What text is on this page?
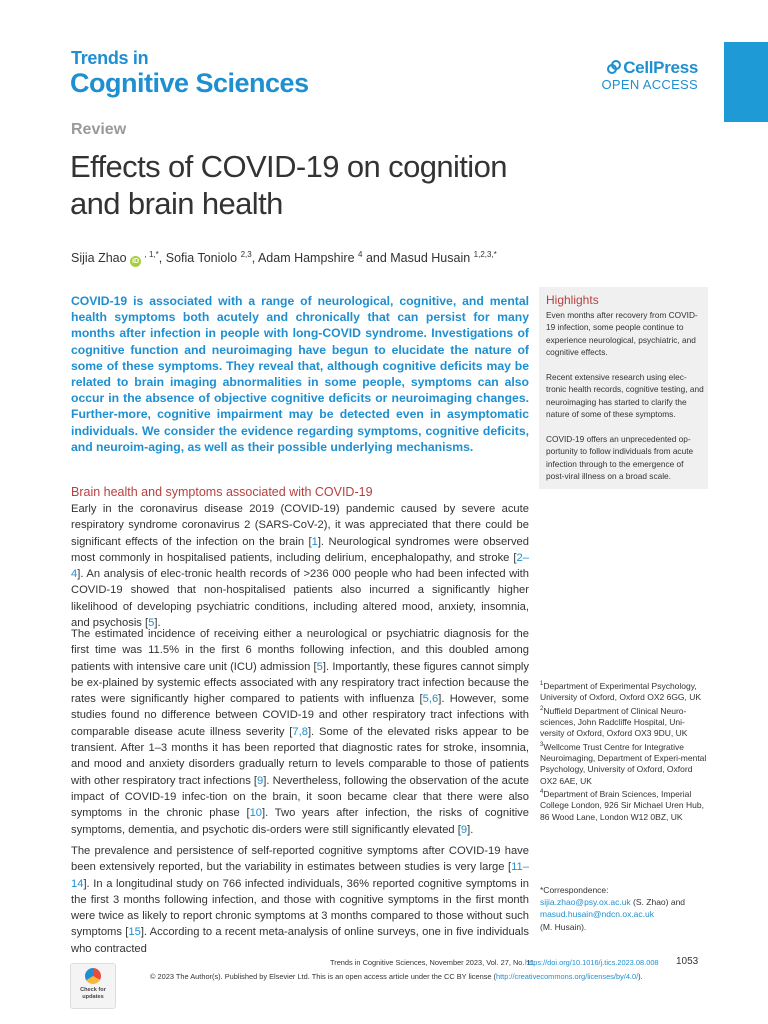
Trends in
Cognitive Sciences
CellPress
OPEN ACCESS
Review
Effects of COVID-19 on cognition and brain health
Sijia Zhao iD $^{, 1,*}$, Sofia Toniolo $^{2,3}$, Adam Hampshire $^4$ and Masud Husain $^{1,2,3,*}$
COVID-19 is associated with a range of neurological, cognitive, and mental health symptoms both acutely and chronically that can persist for many months after infection in people with long-COVID syndrome. Investigations of cognitive function and neuroimaging have begun to elucidate the nature of some of these symptoms. They reveal that, although cognitive deficits may be related to brain imaging abnormalities in some people, symptoms can also occur in the absence of objective cognitive deficits or neuroimaging changes. Further-more, cognitive impairment may be detected even in asymptomatic individuals. We consider the evidence regarding symptoms, cognitive deficits, and neuroim-aging, as well as their possible underlying mechanisms.
Highlights
Even months after recovery from COVID-19 infection, some people continue to experience neurological, psychiatric, and cognitive effects.
Recent extensive research using elec-tronic health records, cognitive testing, and neuroimaging has started to clarify the nature of some of these symptoms.
COVID-19 offers an unprecedented op-portunity to follow individuals from acute infection through to the emergence of post-viral illness on a broad scale.
Brain health and symptoms associated with COVID-19
Early in the coronavirus disease 2019 (COVID-19) pandemic caused by severe acute respiratory syndrome coronavirus 2 (SARS-CoV-2), it was appreciated that there could be significant effects of the infection on the brain [1]. Neurological syndromes were observed most commonly in hospitalised patients, including delirium, encephalopathy, and stroke [2–4]. An analysis of elec-tronic health records of >236 000 people who had been infected with COVID-19 showed that non-hospitalised patients also incurred a significantly higher likelihood of developing psychiatric conditions, including altered mood, anxiety, insomnia, and psychosis [5].
The estimated incidence of receiving either a neurological or psychiatric diagnosis for the first time was 11.5% in the first 6 months following infection, and this doubled among patients with intensive care unit (ICU) admission [5]. Importantly, these figures cannot simply be ex-plained by systemic effects associated with any respiratory tract infection because the rates were significantly higher compared to patients with influenza [5,6]. However, some studies found no difference between COVID-19 and other respiratory tract infections with comparable disease acute illness severity [7,8]. Some of the elevated risks appear to be transient. After 1–3 months it has been reported that diagnostic rates for stroke, insomnia, and mood and anxiety disorders gradually return to levels comparable to those of patients with other respiratory tract infections [9]. Nevertheless, following the observation of the acute impact of COVID-19 infec-tion on the brain, it soon became clear that there were also symptoms in the chronic phase [10]. Two years after infection, the risks of cognitive symptoms, dementia, and psychotic dis-orders were still significantly elevated [9].
The prevalence and persistence of self-reported cognitive symptoms after COVID-19 have been extensively reported, but the variability in estimates between studies is very large [11–14]. In a longitudinal study on 766 infected individuals, 36% reported cognitive symptoms in the first 3 months following infection, and those with cognitive symptoms in the first month were twice as likely to report chronic symptoms at 3 months compared to those without such symptoms [15]. According to a recent meta-analysis of online surveys, one in five individuals who contracted
$^1$Department of Experimental Psychology, University of Oxford, Oxford OX2 6GG, UK
$^2$Nuffield Department of Clinical Neuro-sciences, John Radcliffe Hospital, Uni-versity of Oxford, Oxford OX3 9DU, UK
$^3$Wellcome Trust Centre for Integrative Neuroimaging, Department of Experi-mental Psychology, University of Oxford, Oxford OX2 6AE, UK
$^4$Department of Brain Sciences, Imperial College London, 926 Sir Michael Uren Hub, 86 Wood Lane, London W12 0BZ, UK
*Correspondence:
sijia.zhao@psy.ox.ac.uk (S. Zhao) and
masud.husain@ndcn.ox.ac.uk
(M. Husain).
Check for updates
Trends in Cognitive Sciences, November 2023, Vol. 27, No. 11
https://doi.org/10.1016/j.tics.2023.08.008 1053
© 2023 The Author(s). Published by Elsevier Ltd. This is an open access article under the CC BY license (http://creativecommons.org/licenses/by/4.0/).
